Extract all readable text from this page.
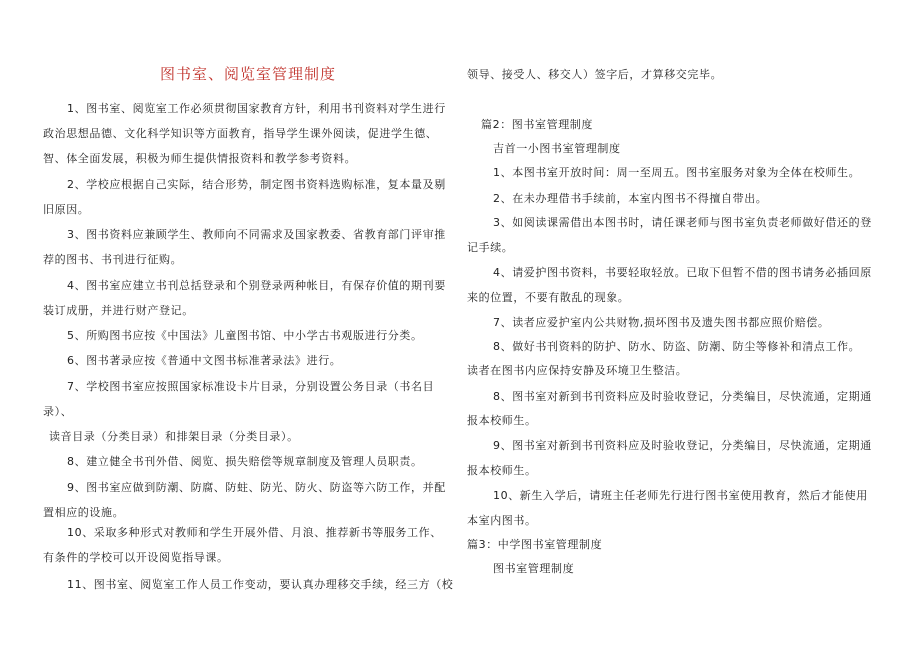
图书室、阅览室管理制度
1、图书室、阅览室工作必须贯彻国家教育方针，利用书刊资料对学生进行
政治思想品德、文化科学知识等方面教育，指导学生课外阅读，促进学生德、
智、体全面发展，积极为师生提供情报资料和教学参考资料。
2、学校应根据自己实际，结合形势，制定图书资料选购标准，复本量及剔
旧原因。
3、图书资料应兼顾学生、教师向不同需求及国家教委、省教育部门评审推
荐的图书、书刊进行征购。
4、图书室应建立书刊总括登录和个别登录两种帐目，有保存价值的期刊要
装订成册，并进行财产登记。
5、所购图书应按《中国法》儿童图书馆、中小学古书观版进行分类。
6、图书著录应按《普通中文图书标准著录法》进行。
7、学校图书室应按照国家标准设卡片目录，分别设置公务目录（书名目
录）、
读音目录（分类目录）和排架目录（分类目录）。
8、建立健全书刊外借、阅览、损失赔偿等规章制度及管理人员职责。
9、图书室应做到防潮、防腐、防蛀、防光、防火、防盗等六防工作，并配
置相应的设施。
10、采取多种形式对教师和学生开展外借、月浪、推荐新书等服务工作、
有条件的学校可以开设阅览指导课。
11、图书室、阅览室工作人员工作变动，要认真办理移交手续，经三方（校
领导、接受人、移交人）签字后，才算移交完毕。
篇2：图书室管理制度
吉首一小图书室管理制度
1、本图书室开放时间：周一至周五。图书室服务对象为全体在校师生。
2、在未办理借书手续前，本室内图书不得擅自带出。
3、如阅读课需借出本图书时，请任课老师与图书室负责老师做好借还的登
记手续。
4、请爱护图书资料，书要轻取轻放。已取下但暂不借的图书请务必插回原
来的位置，不要有散乱的现象。
7、读者应爱护室内公共财物,损坏图书及遗失图书都应照价赔偿。
8、做好书刊资料的防护、防水、防盗、防潮、防尘等修补和清点工作。
读者在图书内应保持安静及环境卫生整洁。
8、图书室对新到书刊资料应及时验收登记，分类编目，尽快流通，定期通
报本校师生。
9、图书室对新到书刊资料应及时验收登记，分类编目，尽快流通，定期通
报本校师生。
10、新生入学后，请班主任老师先行进行图书室使用教育，然后才能使用
本室内图书。
篇3：中学图书室管理制度
图书室管理制度
